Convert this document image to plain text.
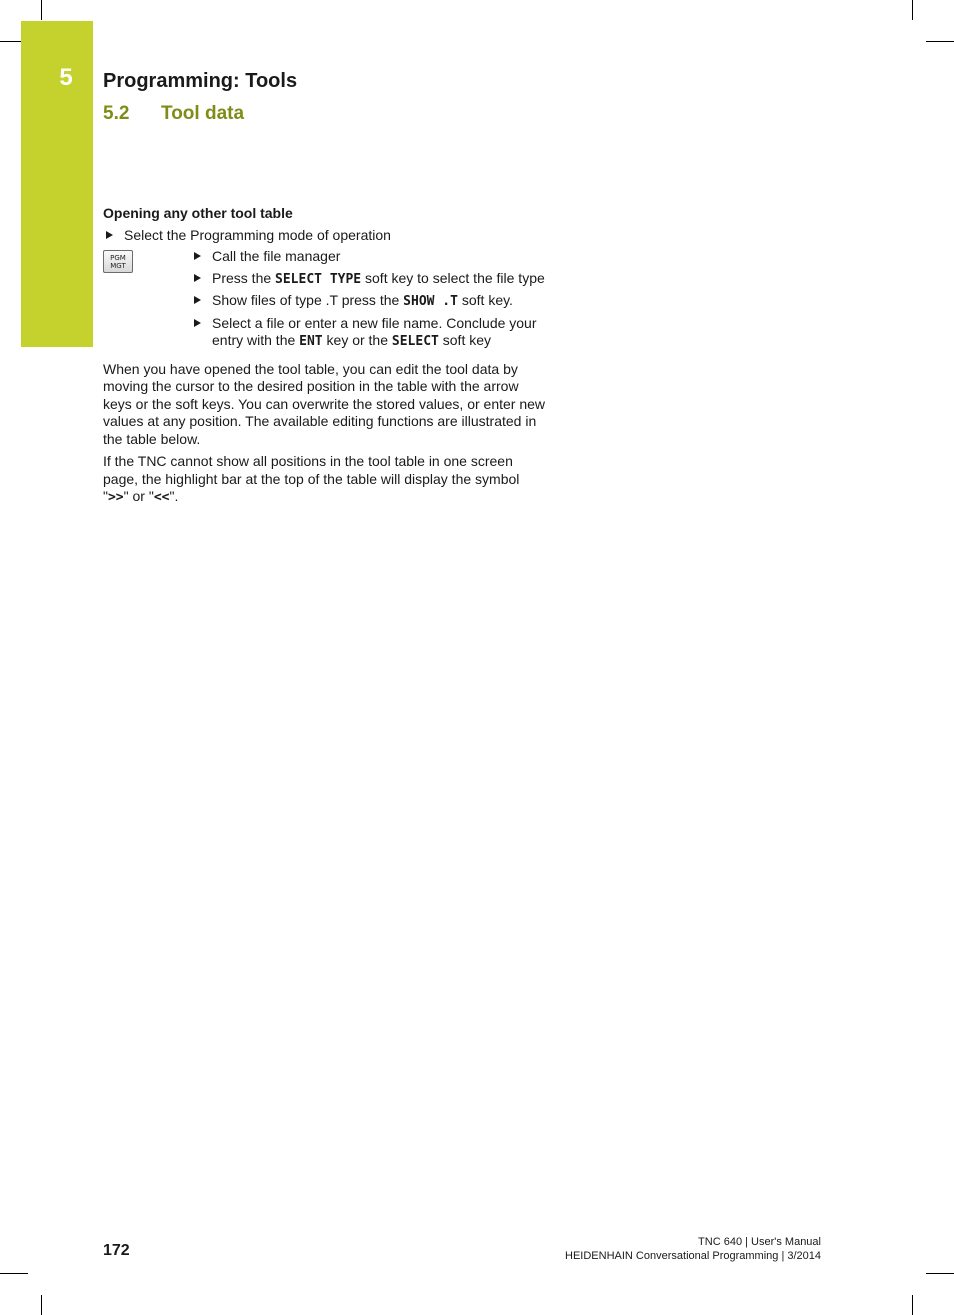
5	Programming: Tools
5.2 Tool data

Opening any other tool table

Select the Programming mode of operation
PGM
MGT
Call the file manager
Press the SELECT TYPE soft key to select the file type
Show files of type .T press the SHOW .T soft key.
Select a file or enter a new file name. Conclude your entry with the ENT key or the SELECT soft key

When you have opened the tool table, you can edit the tool data by moving the cursor to the desired position in the table with the arrow keys or the soft keys. You can overwrite the stored values, or enter new values at any position. The available editing functions are illustrated in the table below.

If the TNC cannot show all positions in the tool table in one screen page, the highlight bar at the top of the table will display the symbol ">>" or "<<".

172	TNC 640 | User's Manual
HEIDENHAIN Conversational Programming | 3/2014
